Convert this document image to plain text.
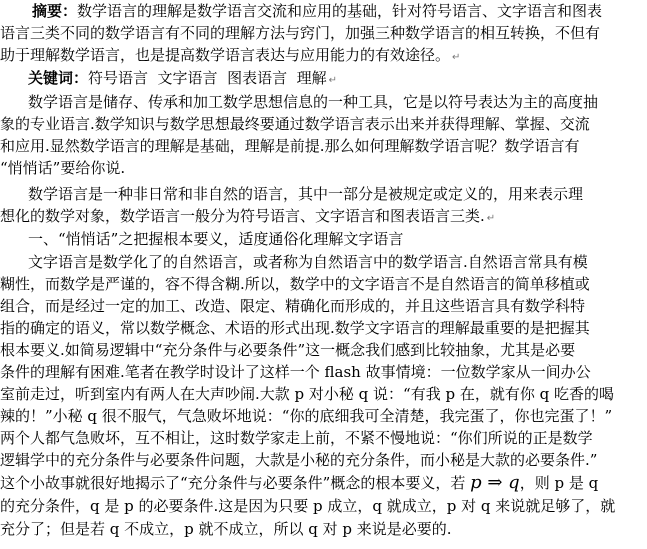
摘要：数学语言的理解是数学语言交流和应用的基础，针对符号语言、文字语言和图表
语言三类不同的数学语言有不同的理解方法与窍门，加强三种数学语言的相互转换，不但有
助于理解数学语言，也是提高数学语言表达与应用能力的有效途径。 ↵
关键词：符号语言  文字语言  图表语言  理解 ↵
数学语言是储存、传承和加工数学思想信息的一种工具，它是以符号表达为主的高度抽
象的专业语言.数学知识与数学思想最终要通过数学语言表示出来并获得理解、掌握、交流
和应用.显然数学语言的理解是基础，理解是前提.那么如何理解数学语言呢？数学语言有
“悄悄话”要给你说.
数学语言是一种非日常和非自然的语言，其中一部分是被规定或定义的，用来表示理
想化的数学对象，数学语言一般分为符号语言、文字语言和图表语言三类. ↵
一、“悄悄话”之把握根本要义，适度通俗化理解文字语言
文字语言是数学化了的自然语言，或者称为自然语言中的数学语言.自然语言常具有模
糊性，而数学是严谨的，容不得含糊.所以，数学中的文字语言不是自然语言的简单移植或
组合，而是经过一定的加工、改造、限定、精确化而形成的，并且这些语言具有数学科特
指的确定的语义，常以数学概念、术语的形式出现.数学文字语言的理解最重要的是把握其
根本要义.如简易逻辑中“充分条件与必要条件”这一概念我们感到比较抽象，尤其是必要
条件的理解有困难.笔者在教学时设计了这样一个 flash 故事情境：一位数学家从一间办公
室前走过，听到室内有两人在大声吵闹.大款 p 对小秘 q 说：“有我 p 在，就有你 q 吃香的喝
辣的！”小秘 q 很不服气，气急败坏地说：“你的底细我可全清楚，我完蛋了，你也完蛋了！”
两个人都气急败坏，互不相让，这时数学家走上前，不紧不慢地说：“你们所说的正是数学
逻辑学中的充分条件与必要条件问题，大款是小秘的充分条件，而小秘是大款的必要条件.”
这个小故事就很好地揭示了“充分条件与必要条件”概念的根本要义，若 p ⇒ q，则 p 是 q
的充分条件，q 是 p 的必要条件.这是因为只要 p 成立，q 就成立，p 对 q 来说就足够了，就
充分了；但是若 q 不成立，p 就不成立，所以 q 对 p 来说是必要的.
